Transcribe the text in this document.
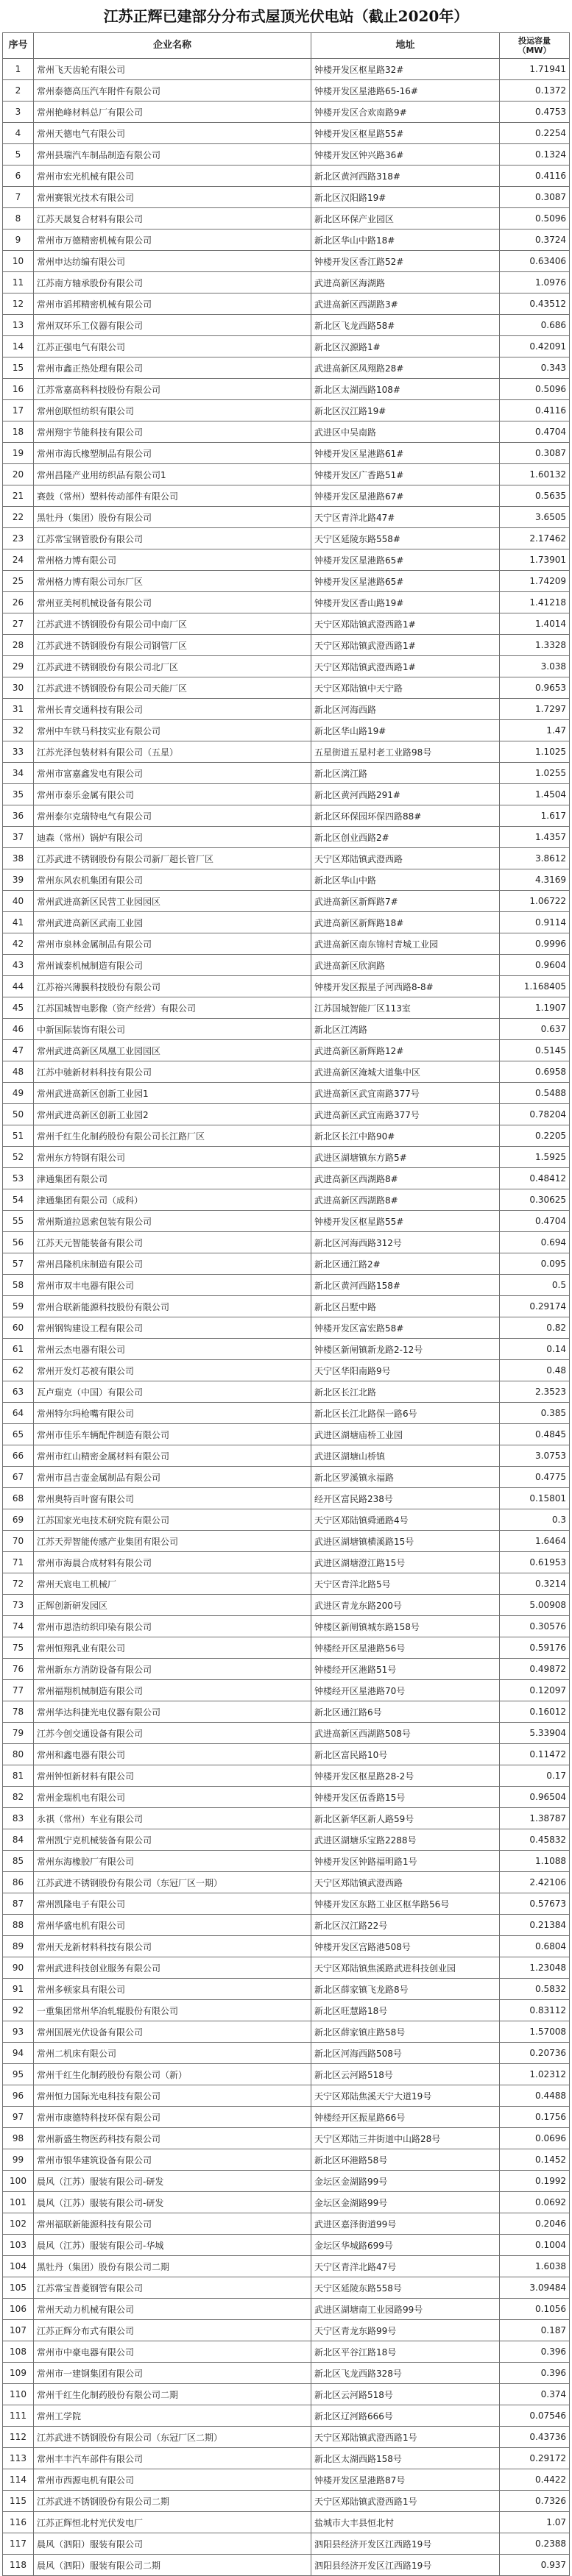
江苏正辉已建部分分布式屋顶光伏电站（截止2020年）
序号	企业名称	地址	投运容量
（MW）
1	常州飞天齿轮有限公司	钟楼开发区枢星路32#	1.71941
2	常州泰德高压汽车附件有限公司	钟楼开发区星港路65-16#	0.1372
3	常州艳峰材料总厂有限公司	钟楼开发区合欢南路9#	0.4753
4	常州天德电气有限公司	钟楼开发区枢星路55#	0.2254
5	常州县瑞汽车制品制造有限公司	钟楼开发区钟兴路36#	0.1324
6	常州市宏光机械有限公司	新北区黄河西路318#	0.4116
7	常州赛银光技术有限公司	新北区汉阳路19#	0.3087
8	江苏天晟复合材料有限公司	新北区环保产业园区	0.5096
9	常州市万德精密机械有限公司	新北区华山中路18#	0.3724
10	常州申达纺编有限公司	钟楼开发区香江路52#	0.63406
11	江苏南方轴承股份有限公司	武进高新区海湖路	1.0976
12	常州市滔邦精密机械有限公司	武进高新区西湖路3#	0.43512
13	常州双环乐工仪器有限公司	新北区飞龙西路58#	0.686
14	江苏正强电气有限公司	新北区汉源路1#	0.42091
15	常州市鑫正热处理有限公司	武进高新区凤翔路28#	0.343
16	江苏常嘉高科科技股份有限公司	新北区太湖西路108#	0.5096
17	常州创联恒纺织有限公司	新北区汉江路19#	0.4116
18	常州翔宇节能科技有限公司	武进区中吴南路	0.4704
19	常州市海氏橡塑制品有限公司	钟楼开发区星港路61#	0.3087
20	常州昌隆产业用纺织品有限公司1	钟楼开发区广香路51#	1.60132
21	赛鼓（常州）塑料传动部件有限公司	钟楼开发区星港路67#	0.5635
22	黑牡丹（集团）股份有限公司	天宁区青洋北路47#	3.6505
23	江苏常宝钢管股份有限公司	天宁区延陵东路558#	2.17462
24	常州格力博有限公司	钟楼开发区星港路65#	1.73901
25	常州格力博有限公司东厂区	钟楼开发区星港路65#	1.74209
26	常州亚美柯机械设备有限公司	钟楼开发区香山路19#	1.41218
27	江苏武进不锈钢股份有限公司中南厂区	天宁区郑陆镇武澄西路1#	1.4014
28	江苏武进不锈钢股份有限公司钢管厂区	天宁区郑陆镇武澄西路1#	1.3328
29	江苏武进不锈钢股份有限公司北厂区	天宁区郑陆镇武澄西路1#	3.038
30	江苏武进不锈钢股份有限公司天能厂区	天宁区郑陆镇中天宁路	0.9653
31	常州长青交通科技有限公司	新北区河海西路	1.7297
32	常州中车铁马科技实业有限公司	新北区华山路19#	1.47
33	江苏光泽包装材料有限公司（五星）	五星街道五星村老工业路98号	1.1025
34	常州市富嘉鑫发电有限公司	新北区漓江路	1.0255
35	常州市泰乐金属有限公司	新北区黄河西路291#	1.4504
36	常州泰尔克瑞特电气有限公司	新北区环保园环保四路88#	1.617
37	迪森（常州）锅炉有限公司	新北区创业西路2#	1.4357
38	江苏武进不锈钢股份有限公司新厂超长管厂区	天宁区郑陆镇武澄西路	3.8612
39	常州东风农机集团有限公司	新北区华山中路	4.3169
40	常州武进高新区民营工业园园区	武进高新区新辉路7#	1.06722
41	常州武进高新区武南工业园	武进高新区新辉路18#	0.9114
42	常州市泉林金属制品有限公司	武进高新区南东锦村青城工业园	0.9996
43	常州诚泰机械制造有限公司	武进高新区欣润路	0.9604
44	江苏裕兴薄膜科技股份有限公司	钟楼开发区振星子河西路8-8#	1.168405
45	江苏国城智电影像（资产经营）有限公司	江苏国城智能厂区113室	1.1907
46	中新国际装饰有限公司	新北区江湾路	0.637
47	常州武进高新区凤凰工业园园区	武进高新区新辉路12#	0.5145
48	江苏中驰新材料科技有限公司	武进高新区淹城大道集中区	0.6958
49	常州武进高新区创新工业园1	武进高新区武宜南路377号	0.5488
50	常州武进高新区创新工业园2	武进高新区武宜南路377号	0.78204
51	常州千红生化制药股份有限公司长江路厂区	新北区长江中路90#	0.2205
52	常州东方特钢有限公司	武进区湖塘镇东方路5#	1.5925
53	津通集团有限公司	武进高新区西湖路8#	0.48412
54	津通集团有限公司（成科）	武进高新区西湖路8#	0.30625
55	常州斯道拉恩索包装有限公司	钟楼开发区枢星路55#	0.4704
56	江苏天元智能装备有限公司	新北区河海西路312号	0.694
57	常州昌隆机床制造有限公司	新北区通江路2#	0.095
58	常州市双丰电器有限公司	新北区黄河西路158#	0.5
59	常州合联新能源科技股份有限公司	新北区吕墅中路	0.29174
60	常州钢钩建设工程有限公司	钟楼开发区富宏路58#	0.82
61	常州云杰电器有限公司	钟楼区新闸镇新龙路2-12号	0.14
62	常州开发灯芯被有限公司	天宁区华阳南路9号	0.48
63	瓦卢瑞克（中国）有限公司	新北区长江北路	2.3523
64	常州特尔玛枪嘴有限公司	新北区长江北路保一路6号	0.385
65	常州市佳乐车辆配件制造有限公司	武进区湖塘庙桥工业园	0.4845
66	常州市红山精密金属材料有限公司	武进区湖塘山桥镇	3.0753
67	常州市昌吉壶金属制品有限公司	新北区罗溪镇永福路	0.4775
68	常州奥特百叶窗有限公司	经开区富民路238号	0.15801
69	江苏国家光电技术研究院有限公司	天宁区郑陆镇舜通路4号	0.3
70	江苏天羿智能传感产业集团有限公司	武进区湖塘镇横溪路15号	1.6464
71	常州市海晨合成材料有限公司	武进区湖塘澄江路15号	0.61953
72	常州天宸电工机械厂	天宁区青洋北路5号	0.3214
73	正辉创新研发园区	武进区青龙东路200号	5.00908
74	常州市恩浩纺织印染有限公司	钟楼区新闸镇城东路158号	0.30576
75	常州恒翔乳业有限公司	钟楼经开区星港路56号	0.59176
76	常州新东方消防设备有限公司	钟楼经开区港路51号	0.49872
77	常州福翔机械制造有限公司	钟楼经开区星港路70号	0.12097
78	常州华达科捷光电仪器有限公司	新北区通江路6号	0.16012
79	江苏今创交通设备有限公司	武进高新区西湖路508号	5.33904
80	常州和鑫电器有限公司	新北区富民路10号	0.11472
81	常州钟恒新材料有限公司	钟楼开发区枢星路28-2号	0.17
82	常州金瑞机电有限公司	钟楼开发区伍香路15号	0.96504
83	永祺（常州）车业有限公司	新北区新华区新人路59号	1.38787
84	常州凯宁克机械装备有限公司	武进区湖塘乐宝路2288号	0.45832
85	常州东海橡胶厂有限公司	钟楼开发区钟路福明路1号	1.1088
86	江苏武进不锈钢股份有限公司（东冠厂区一期）	天宁区郑陆镇武澄西路	2.42106
87	常州凯隆电子有限公司	钟楼开发区东路工业区枢华路56号	0.57673
88	常州华盛电机有限公司	新北区汉江路22号	0.21384
89	常州天龙新材料科技有限公司	钟楼开发区宫路港508号	0.6804
90	常州武进科技创业服务有限公司	天宁区郑陆镇焦溪路武进科技创业园	1.23048
91	常州多顿家具有限公司	新北区薛家镇飞龙路8号	0.5832
92	一重集团常州华冶轧辊股份有限公司	新北区旺慧路18号	0.83112
93	常州国展光伏设备有限公司	新北区薛家镇庄路58号	1.57008
94	常州二机床有限公司	新北区河海西路508号	0.20736
95	常州千红生化制药股份有限公司（新）	新北区云河路518号	1.02312
96	常州恒力国际光电科技有限公司	天宁区郑陆焦溪天宁大道19号	0.4488
97	常州市康德特科技环保有限公司	钟楼经开区振星路66号	0.1756
98	常州新盛生物医药科技有限公司	天宁区郑陆三井街道中山路28号	0.0696
99	常州市银华建筑设备有限公司	新北区环港路58号	0.1452
100	晨风（江苏）服装有限公司-研发	金坛区金湖路99号	0.1992
101	晨风（江苏）服装有限公司-研发	金坛区金湖路99号	0.0692
102	常州福联新能源科技有限公司	武进区嘉泽街道99号	0.2046
103	晨风（江苏）服装有限公司-华城	金坛区华城路699号	0.1004
104	黑牡丹（集团）股份有限公司二期	天宁区青洋北路47号	1.6038
105	江苏常宝普菱钢管有限公司	天宁区延陵东路558号	3.09484
106	常州天动力机械有限公司	武进区湖塘南工业园路99号	0.1056
107	江苏正辉分布式有限公司	天宁区青龙东路99号	0.187
108	常州市中豪电器有限公司	新北区平谷江路18号	0.396
109	常州市一建钢集团有限公司	新北区飞龙西路328号	0.396
110	常州千红生化制药股份有限公司二期	新北区云河路518号	0.374
111	常州工学院	新北区辽河路666号	0.07546
112	江苏武进不锈钢股份有限公司（东冠厂区二期）	天宁区郑陆镇武澄西路1号	0.43736
113	常州丰丰汽车部件有限公司	新北区太湖西路158号	0.29172
114	常州市西源电机有限公司	钟楼开发区星港路87号	0.4422
115	江苏武进不锈钢股份有限公司二期	天宁区郑陆镇武澄西路1号	0.7326
116	江苏正辉恒北村光伏发电厂	盐城市大丰县恒北村	1.07
117	晨风（泗阳）服装有限公司	泗阳县经济开发区江西路19号	0.2388
118	晨风（泗阳）服装有限公司二期	泗阳县经济开发区江西路19号	0.937
